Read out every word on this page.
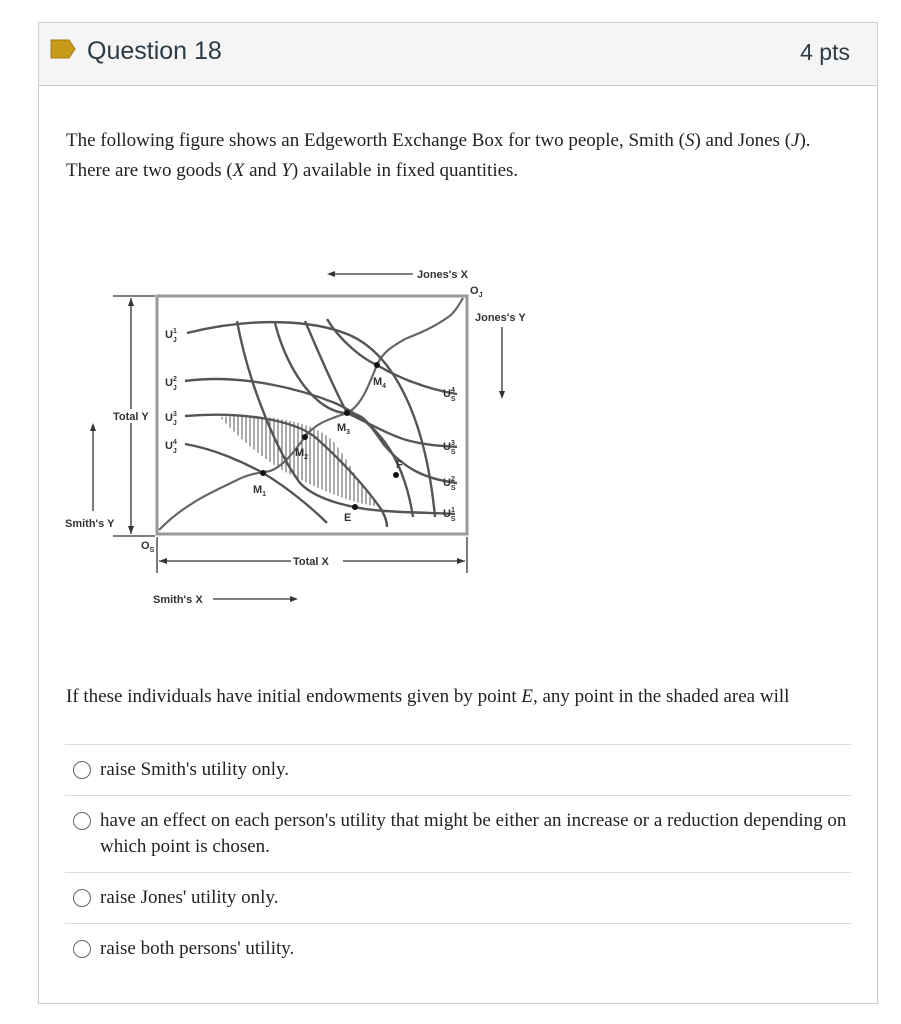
Question 18	4 pts
The following figure shows an Edgeworth Exchange Box for two people, Smith (S) and Jones (J). There are two goods (X and Y) available in fixed quantities.
$M_1$
$M_2$
$M_3$
$M_4$
E
F
$U^1$ J
$U^2$ J
$U^3$ J
$U^4$ J
$U^4$ S
$U^3$ S
$U^2$ S
$U^1$ S
Jones's X
$O_J$
Jones's Y
Total Y
Smith's Y
$O_S$
Total X
Smith's X
If these individuals have initial endowments given by point E, any point in the shaded area will
raise Smith's utility only.
have an effect on each person's utility that might be either an increase or a reduction depending on which point is chosen.
raise Jones' utility only.
raise both persons' utility.
